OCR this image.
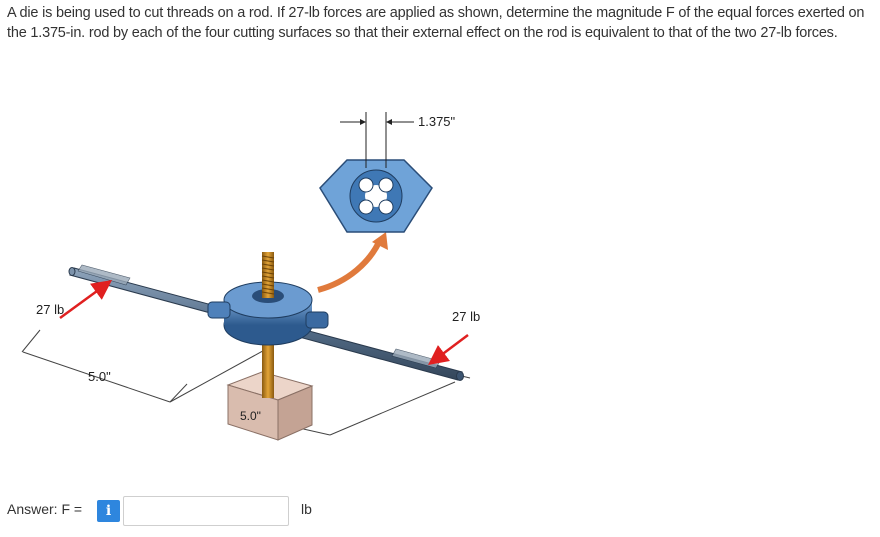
A die is being used to cut threads on a rod. If 27-lb forces are applied as shown, determine the magnitude F of the equal forces exerted on the 1.375-in. rod by each of the four cutting surfaces so that their external effect on the rod is equivalent to that of the two 27-lb forces.
1.375"
27 lb	27 lb
5.0"
5.0"
Answer: F =	i	lb
